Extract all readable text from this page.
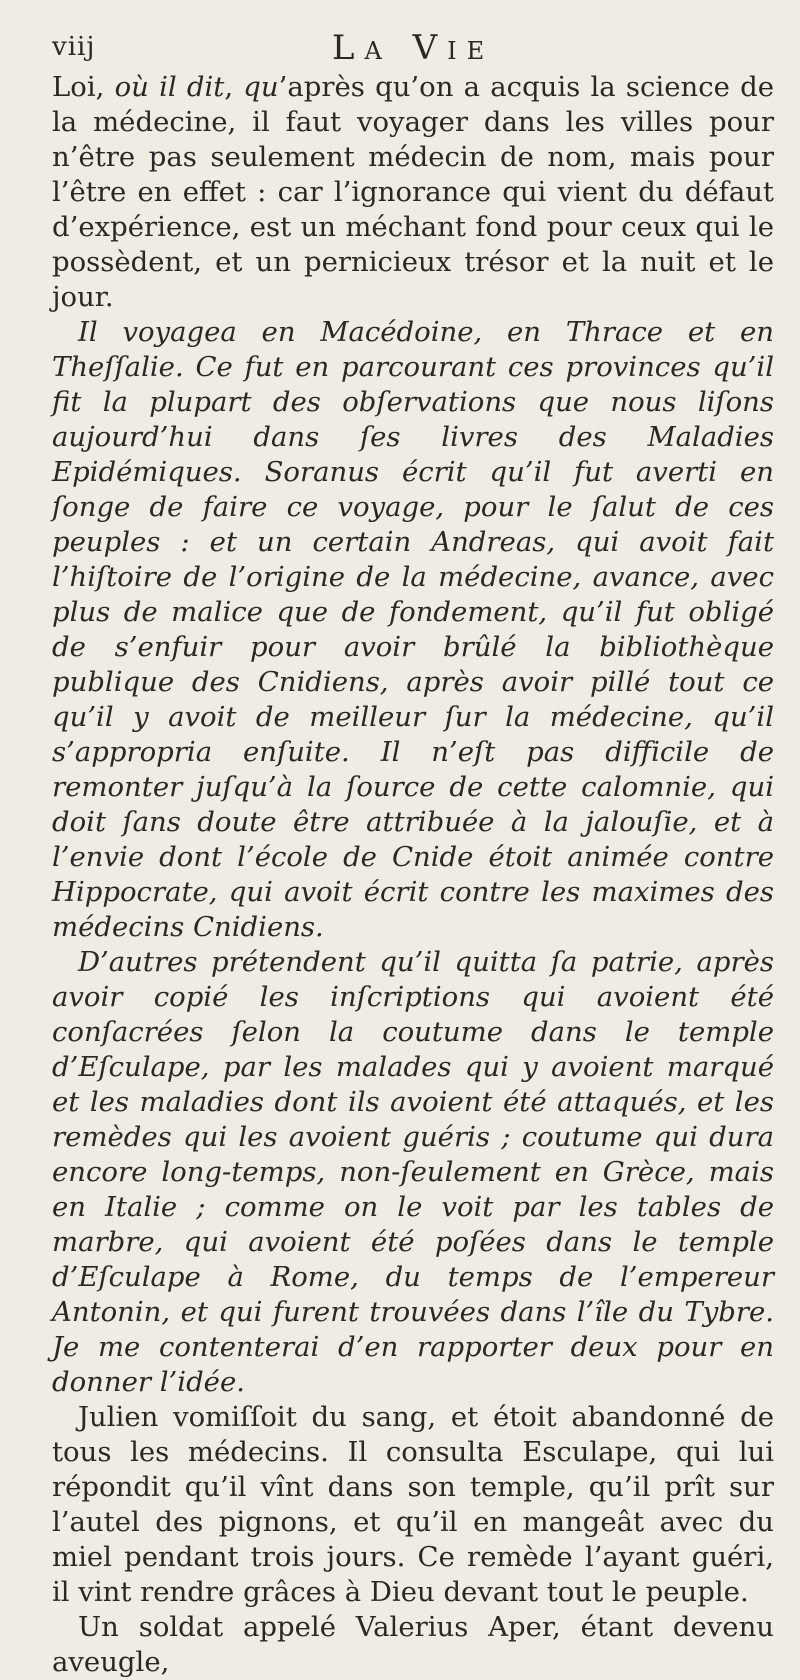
viij	La Vie

Loi, où il dit, qu’après qu’on a acquis la science de la médecine, il faut voyager dans les villes pour n’être pas seulement médecin de nom, mais pour l’être en effet : car l’ignorance qui vient du défaut d’expérience, est un méchant fond pour ceux qui le possèdent, et un pernicieux trésor et la nuit et le jour.

Il voyagea en Macédoine, en Thrace et en Theſſalie. Ce fut en parcourant ces provinces qu’il fit la plupart des obſervations que nous liſons aujourd’hui dans ſes livres des Maladies Epidémiques. Soranus écrit qu’il fut averti en ſonge de faire ce voyage, pour le ſalut de ces peuples : et un certain Andreas, qui avoit fait l’hiſtoire de l’origine de la médecine, avance, avec plus de malice que de fondement, qu’il fut obligé de s’enfuir pour avoir brûlé la bibliothèque publique des Cnidiens, après avoir pillé tout ce qu’il y avoit de meilleur ſur la médecine, qu’il s’appropria enſuite. Il n’eſt pas difficile de remonter juſqu’à la ſource de cette calomnie, qui doit ſans doute être attribuée à la jalouſie, et à l’envie dont l’école de Cnide étoit animée contre Hippocrate, qui avoit écrit contre les maximes des médecins Cnidiens.

D’autres prétendent qu’il quitta ſa patrie, après avoir copié les inſcriptions qui avoient été conſacrées ſelon la coutume dans le temple d’Eſculape, par les malades qui y avoient marqué et les maladies dont ils avoient été attaqués, et les remèdes qui les avoient guéris ; coutume qui dura encore long-temps, non-ſeulement en Grèce, mais en Italie ; comme on le voit par les tables de marbre, qui avoient été poſées dans le temple d’Eſculape à Rome, du temps de l’empereur Antonin, et qui furent trouvées dans l’île du Tybre. Je me contenterai d’en rapporter deux pour en donner l’idée.

Julien vomiſſoit du sang, et étoit abandonné de tous les médecins. Il consulta Esculape, qui lui répondit qu’il vînt dans son temple, qu’il prît sur l’autel des pignons, et qu’il en mangeât avec du miel pendant trois jours. Ce remède l’ayant guéri, il vint rendre grâces à Dieu devant tout le peuple.

Un soldat appelé Valerius Aper, étant devenu aveugle,
